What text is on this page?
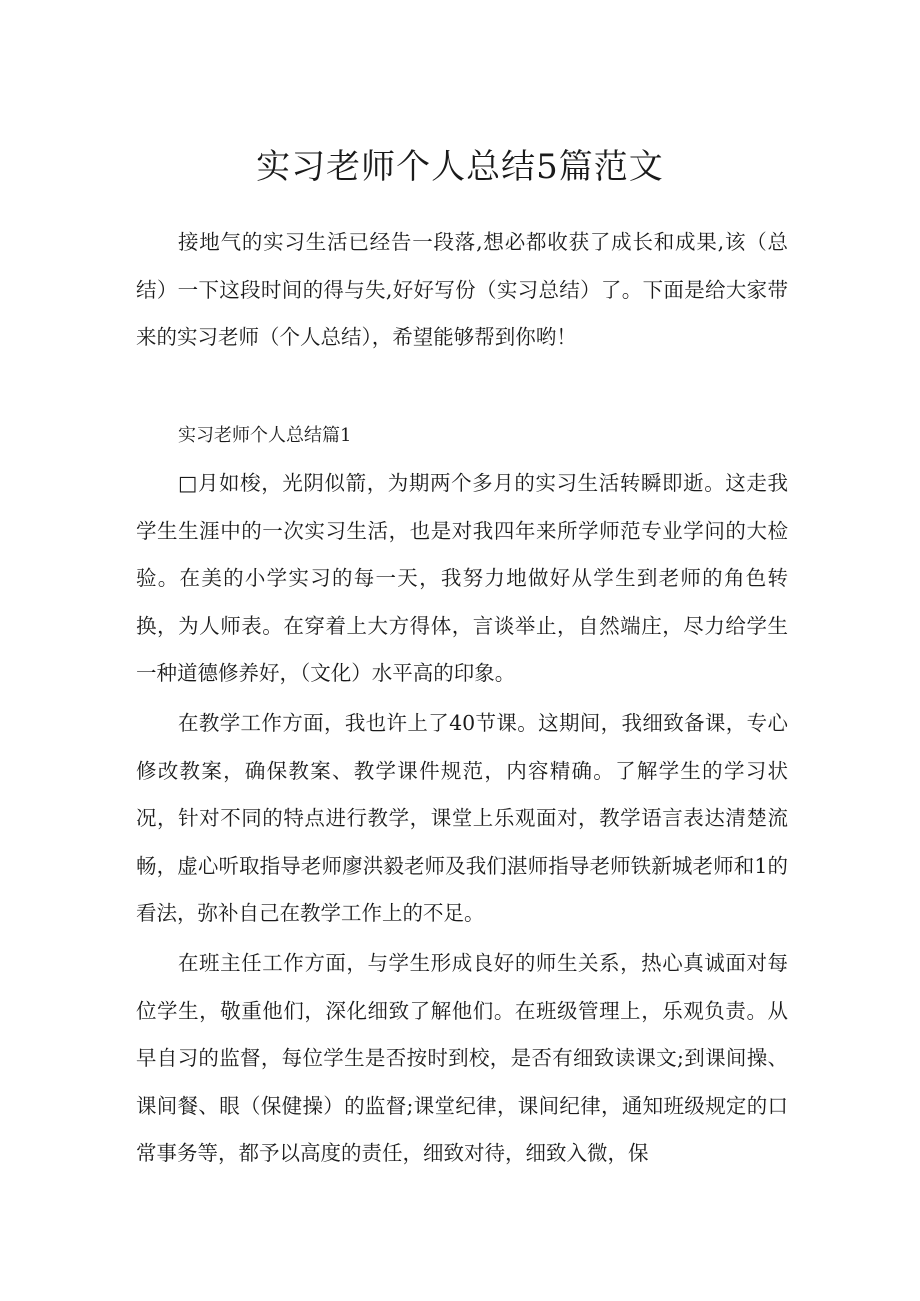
实习老师个人总结5篇范文

接地气的实习生活已经告一段落,想必都收获了成长和成果,该（总结）一下这段时间的得与失,好好写份（实习总结）了。下面是给大家带来的实习老师（个人总结），希望能够帮到你哟！

实习老师个人总结篇1

□月如梭，光阴似箭，为期两个多月的实习生活转瞬即逝。这走我学生生涯中的一次实习生活，也是对我四年来所学师范专业学问的大检验。在美的小学实习的每一天，我努力地做好从学生到老师的角色转换，为人师表。在穿着上大方得体，言谈举止，自然端庄，尽力给学生一种道德修养好，（文化）水平高的印象。

在教学工作方面，我也许上了40节课。这期间，我细致备课，专心修改教案，确保教案、教学课件规范，内容精确。了解学生的学习状况，针对不同的特点进行教学，课堂上乐观面对，教学语言表达清楚流畅，虚心听取指导老师廖洪毅老师及我们湛师指导老师铁新城老师和1的看法，弥补自己在教学工作上的不足。

在班主任工作方面，与学生形成良好的师生关系，热心真诚面对每位学生，敬重他们，深化细致了解他们。在班级管理上，乐观负责。从早自习的监督，每位学生是否按时到校，是否有细致读课文;到课间操、课间餐、眼（保健操）的监督;课堂纪律，课间纪律，通知班级规定的口常事务等，都予以高度的责任，细致对待，细致入微，保
